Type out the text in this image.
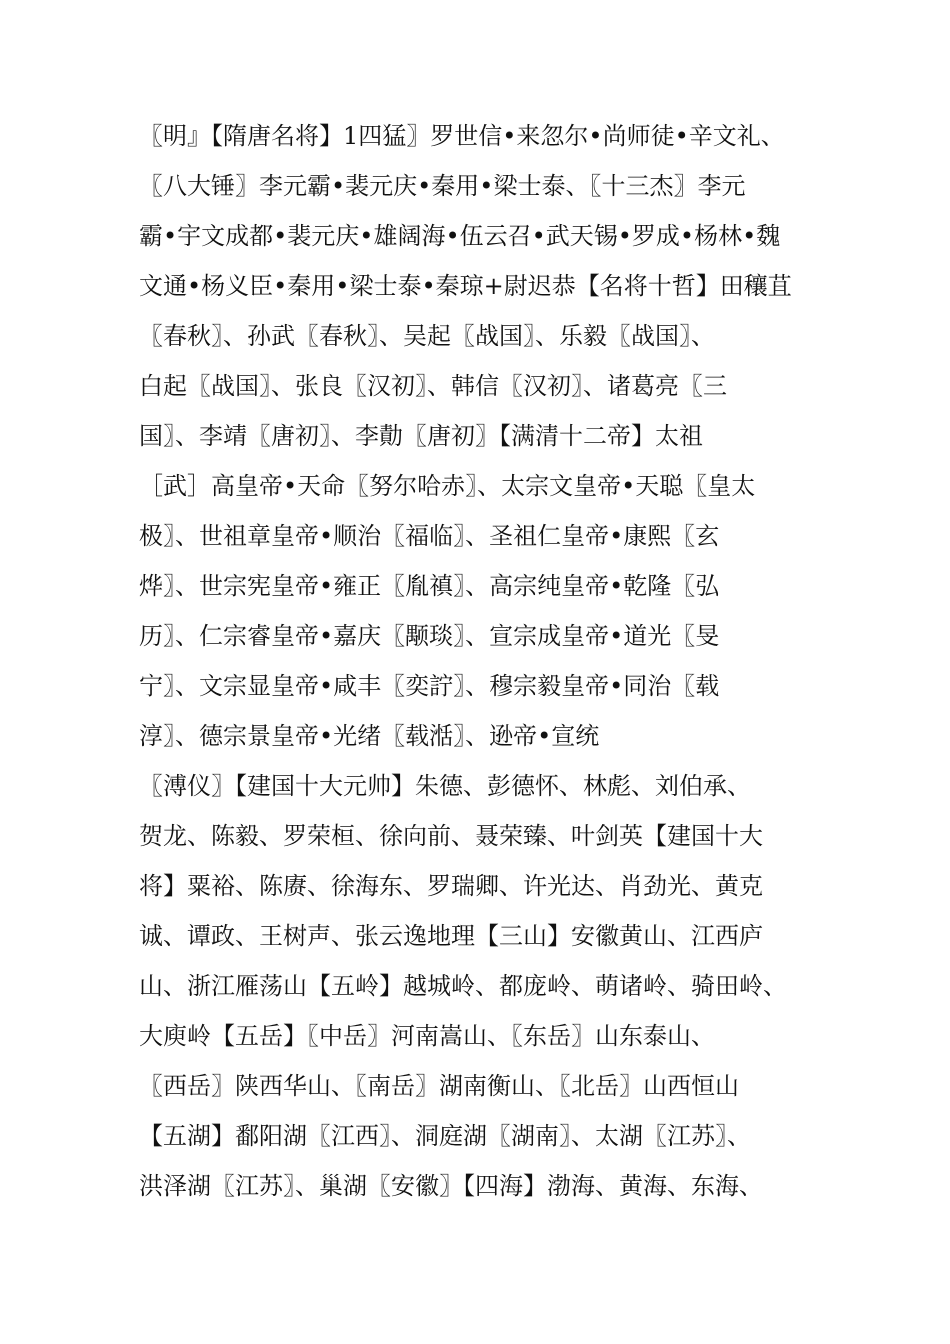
〖明』【隋唐名将】1四猛〗罗世信•来忽尔•尚师徒•辛文礼、
〖八大锤〗李元霸•裴元庆•秦用•梁士泰、〖十三杰〗李元
霸•宇文成都•裴元庆•雄阔海•伍云召•武天锡•罗成•杨林•魏
文通•杨义臣•秦用•梁士泰•秦琼+尉迟恭【名将十哲】田穰苴
〖春秋〗、孙武〖春秋〗、吴起〖战国〗、乐毅〖战国〗、
白起〖战国〗、张良〖汉初〗、韩信〖汉初〗、诸葛亮〖三
国〗、李靖〖唐初〗、李勣〖唐初〗【满清十二帝】太祖
［武］高皇帝•天命〖努尔哈赤〗、太宗文皇帝•天聪〖皇太
极〗、世祖章皇帝•顺治〖福临〗、圣祖仁皇帝•康熙〖玄
烨〗、世宗宪皇帝•雍正〖胤禛〗、高宗纯皇帝•乾隆〖弘
历〗、仁宗睿皇帝•嘉庆〖颙琰〗、宣宗成皇帝•道光〖旻
宁〗、文宗显皇帝•咸丰〖奕詝〗、穆宗毅皇帝•同治〖载
淳〗、德宗景皇帝•光绪〖载湉〗、逊帝•宣统
〖溥仪〗【建国十大元帅】朱德、彭德怀、林彪、刘伯承、
贺龙、陈毅、罗荣桓、徐向前、聂荣臻、叶剑英【建国十大
将】粟裕、陈赓、徐海东、罗瑞卿、许光达、肖劲光、黄克
诚、谭政、王树声、张云逸地理【三山】安徽黄山、江西庐
山、浙江雁荡山【五岭】越城岭、都庞岭、萌诸岭、骑田岭、
大庾岭【五岳】〖中岳〗河南嵩山、〖东岳〗山东泰山、
〖西岳〗陕西华山、〖南岳〗湖南衡山、〖北岳〗山西恒山
【五湖】鄱阳湖〖江西〗、洞庭湖〖湖南〗、太湖〖江苏〗、
洪泽湖〖江苏〗、巢湖〖安徽〗【四海】渤海、黄海、东海、
